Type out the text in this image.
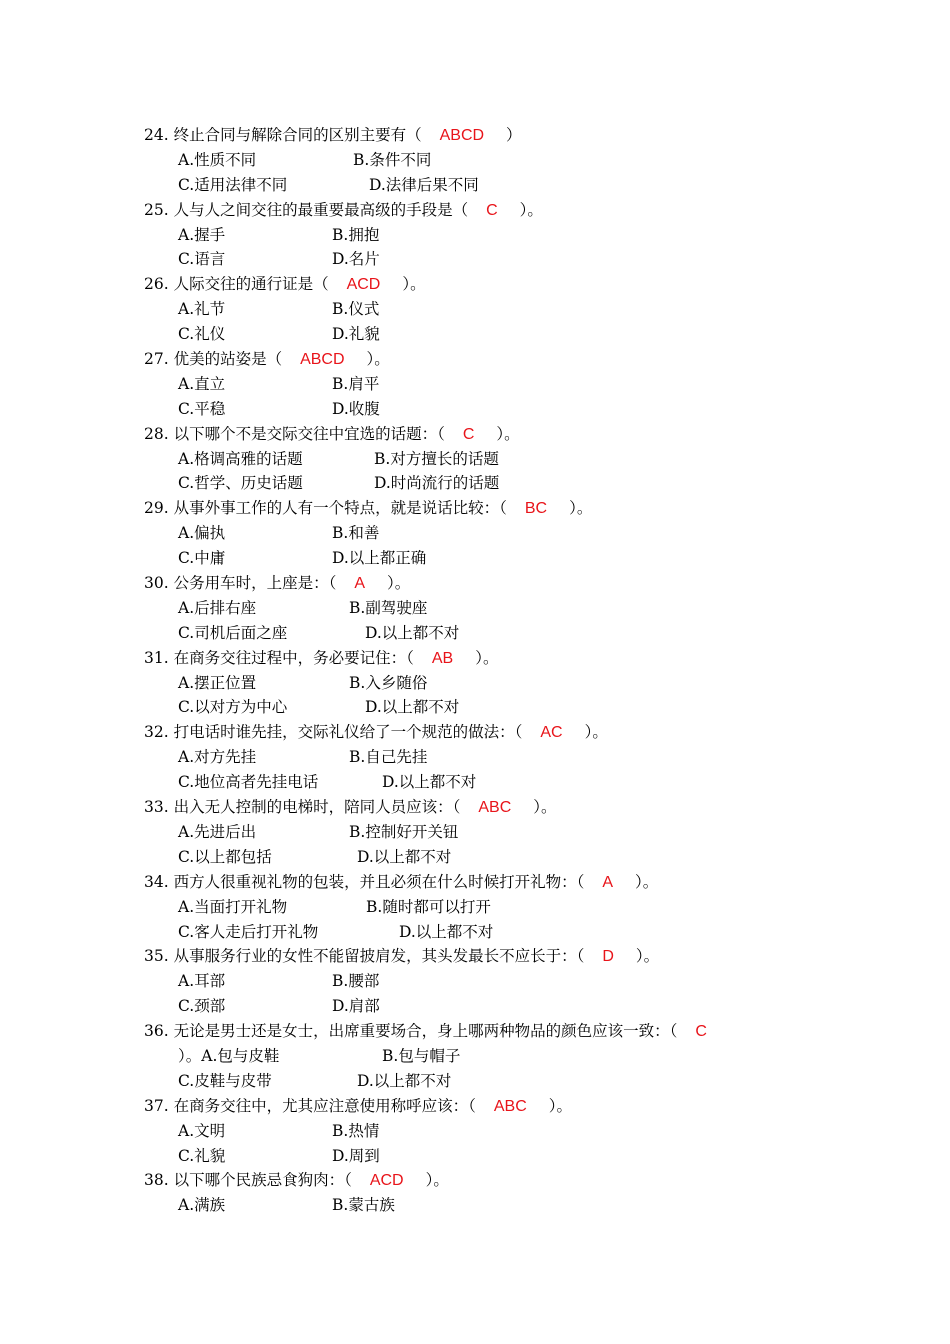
24. 终止合同与解除合同的区别主要有（ ABCD ）
A.性质不同	B.条件不同
C.适用法律不同	D.法律后果不同
25. 人与人之间交往的最重要最高级的手段是（ C ）。
A.握手	B.拥抱
C.语言	D.名片
26. 人际交往的通行证是（ ACD ）。
A.礼节	B.仪式
C.礼仪	D.礼貌
27. 优美的站姿是（ ABCD ）。
A.直立	B.肩平
C.平稳	D.收腹
28. 以下哪个不是交际交往中宜选的话题：（ C ）。
A.格调高雅的话题	B.对方擅长的话题
C.哲学、历史话题	D.时尚流行的话题
29. 从事外事工作的人有一个特点，就是说话比较：（ BC ）。
A.偏执	B.和善
C.中庸	D.以上都正确
30. 公务用车时，上座是：（ A ）。
A.后排右座	B.副驾驶座
C.司机后面之座	D.以上都不对
31. 在商务交往过程中，务必要记住：（ AB ）。
A.摆正位置	B.入乡随俗
C.以对方为中心	D.以上都不对
32. 打电话时谁先挂，交际礼仪给了一个规范的做法：（ AC ）。
A.对方先挂	B.自己先挂
C.地位高者先挂电话	D.以上都不对
33. 出入无人控制的电梯时，陪同人员应该：（ ABC ）。
A.先进后出	B.控制好开关钮
C.以上都包括	D.以上都不对
34. 西方人很重视礼物的包装，并且必须在什么时候打开礼物：（ A ）。
A.当面打开礼物	B.随时都可以打开
C.客人走后打开礼物	D.以上都不对
35. 从事服务行业的女性不能留披肩发，其头发最长不应长于：（ D ）。
A.耳部	B.腰部
C.颈部	D.肩部
36. 无论是男士还是女士，出席重要场合，身上哪两种物品的颜色应该一致：（ C
）。A.包与皮鞋	B.包与帽子
C.皮鞋与皮带	D.以上都不对
37. 在商务交往中，尤其应注意使用称呼应该：（ ABC ）。
A.文明	B.热情
C.礼貌	D.周到
38. 以下哪个民族忌食狗肉：（ ACD ）。
A.满族	B.蒙古族
